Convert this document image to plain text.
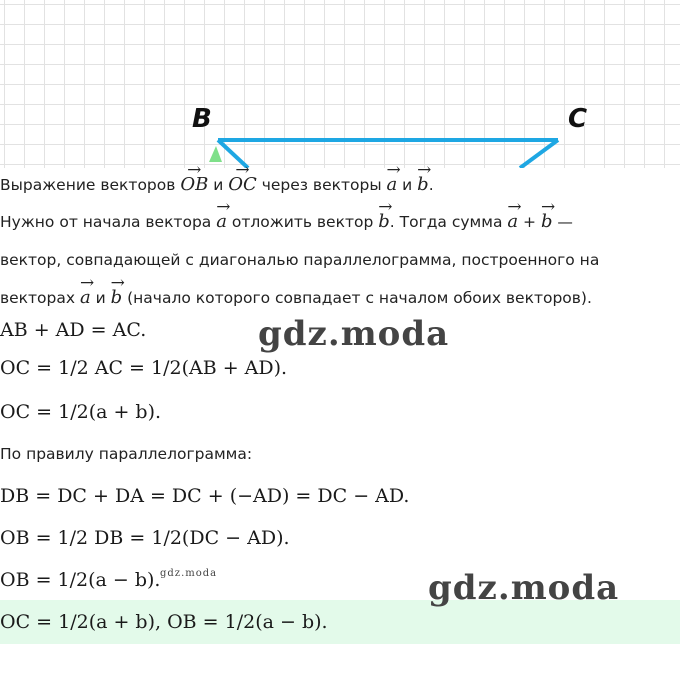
B	C
Выражение векторов → OB и → OC через векторы → a и → b.
Нужно от начала вектора → a отложить вектор → b. Тогда сумма → a + → b —
вектор, совпадающей с диагональю параллелограмма, построенного на
векторах → a и → b (начало которого совпадает с началом обоих векторов).
AB + AD = AC.
OC = 1/2 AC = 1/2(AB + AD).
OC = 1/2(a + b).
По правилу параллелограмма:
DB = DC + DA = DC + (−AD) = DC − AD.
OB = 1/2 DB = 1/2(DC − AD).
OB = 1/2(a − b).
OC = 1/2(a + b), OB = 1/2(a − b).
gdz.moda
gdz.moda
gdz.moda
